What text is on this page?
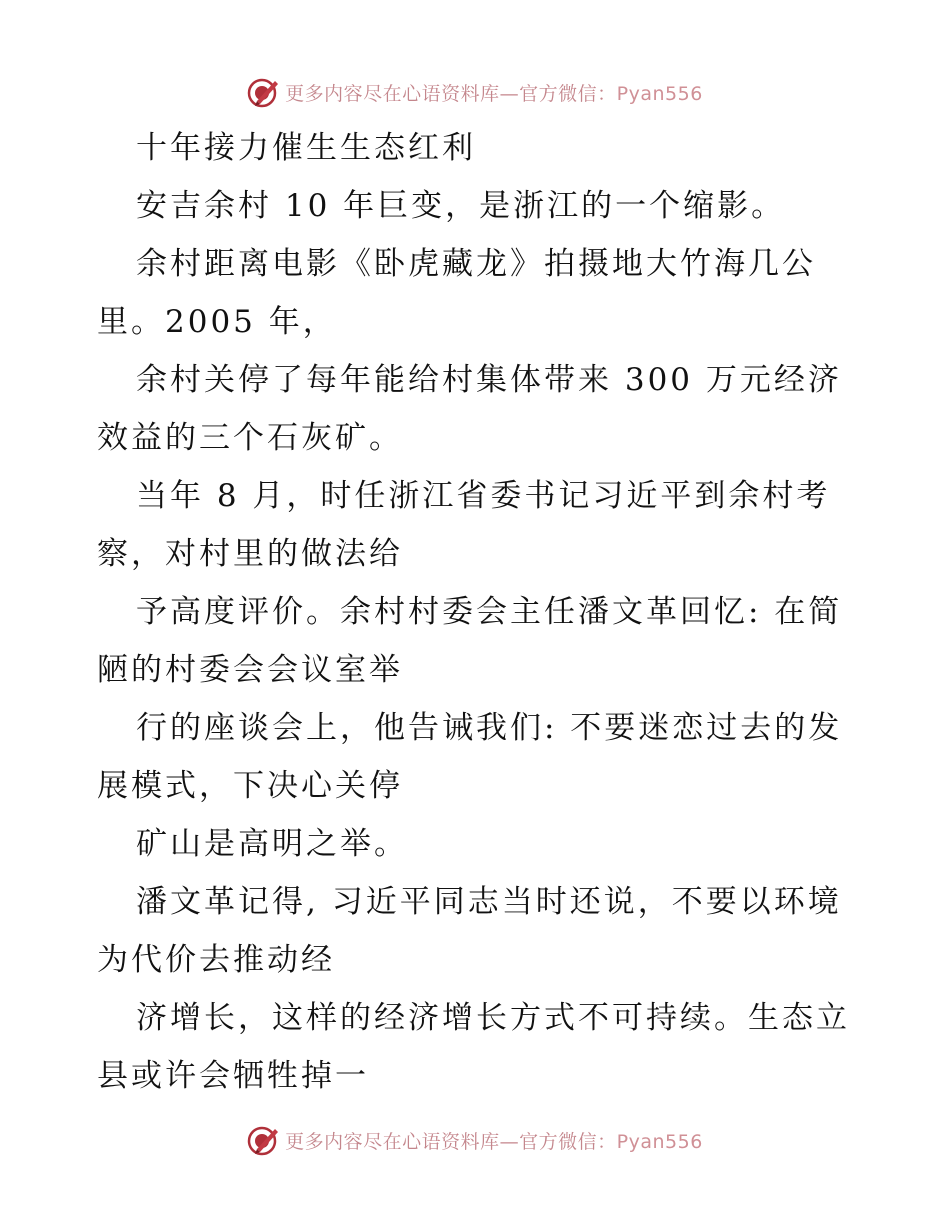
更多内容尽在心语资料库—官方微信：Pyan556
十年接力催生生态红利
安吉余村 10 年巨变，是浙江的一个缩影。
余村距离电影《卧虎藏龙》拍摄地大竹海几公
里。2005 年，
余村关停了每年能给村集体带来 300 万元经济
效益的三个石灰矿。
当年 8 月，时任浙江省委书记习近平到余村考
察，对村里的做法给
予高度评价。余村村委会主任潘文革回忆: 在简
陋的村委会会议室举
行的座谈会上，他告诫我们: 不要迷恋过去的发
展模式，下决心关停
矿山是高明之举。
潘文革记得, 习近平同志当时还说，不要以环境
为代价去推动经
济增长，这样的经济增长方式不可持续。生态立
县或许会牺牲掉一
更多内容尽在心语资料库—官方微信：Pyan556
